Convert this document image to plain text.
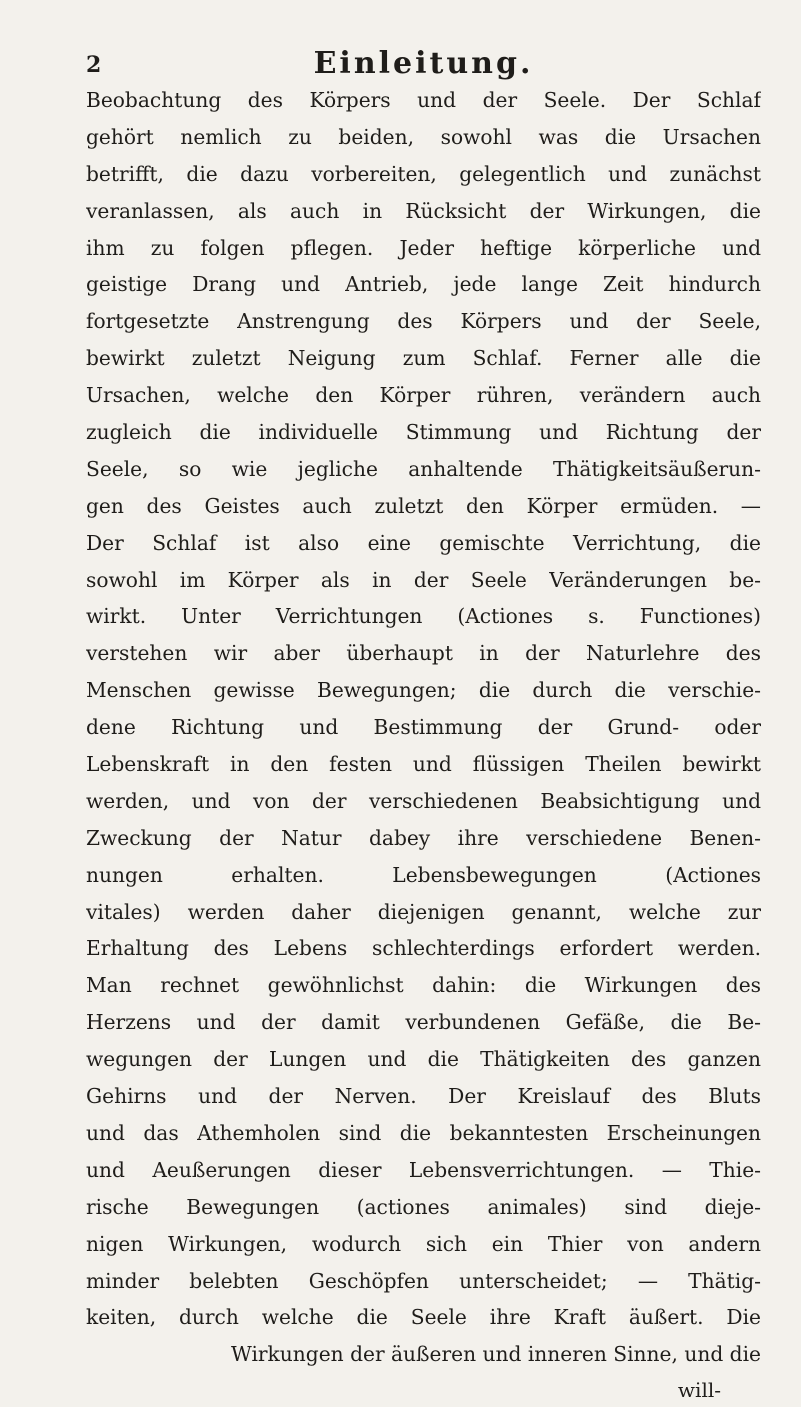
2	Einleitung.
Beobachtung des Körpers und der Seele. Der Schlaf
gehört nemlich zu beiden, sowohl was die Ursachen
betrifft, die dazu vorbereiten, gelegentlich und zunächst
veranlassen, als auch in Rücksicht der Wirkungen, die
ihm zu folgen pflegen. Jeder heftige körperliche und
geistige Drang und Antrieb, jede lange Zeit hindurch
fortgesetzte Anstrengung des Körpers und der Seele,
bewirkt zuletzt Neigung zum Schlaf. Ferner alle die
Ursachen, welche den Körper rühren, verändern auch
zugleich die individuelle Stimmung und Richtung der
Seele, so wie jegliche anhaltende Thätigkeitsäußerun-
gen des Geistes auch zuletzt den Körper ermüden. —
Der Schlaf ist also eine gemischte Verrichtung, die
sowohl im Körper als in der Seele Veränderungen be-
wirkt. Unter Verrichtungen (Actiones s. Functiones)
verstehen wir aber überhaupt in der Naturlehre des
Menschen gewisse Bewegungen; die durch die verschie-
dene Richtung und Bestimmung der Grund- oder
Lebenskraft in den festen und flüssigen Theilen bewirkt
werden, und von der verschiedenen Beabsichtigung und
Zweckung der Natur dabey ihre verschiedene Benen-
nungen erhalten. Lebensbewegungen (Actiones
vitales) werden daher diejenigen genannt, welche zur
Erhaltung des Lebens schlechterdings erfordert werden.
Man rechnet gewöhnlichst dahin: die Wirkungen des
Herzens und der damit verbundenen Gefäße, die Be-
wegungen der Lungen und die Thätigkeiten des ganzen
Gehirns und der Nerven. Der Kreislauf des Bluts
und das Athemholen sind die bekanntesten Erscheinungen
und Aeußerungen dieser Lebensverrichtungen. — Thie-
rische Bewegungen (actiones animales) sind dieje-
nigen Wirkungen, wodurch sich ein Thier von andern
minder belebten Geschöpfen unterscheidet; — Thätig-
keiten, durch welche die Seele ihre Kraft äußert. Die
Wirkungen der äußeren und inneren Sinne, und die
will-
